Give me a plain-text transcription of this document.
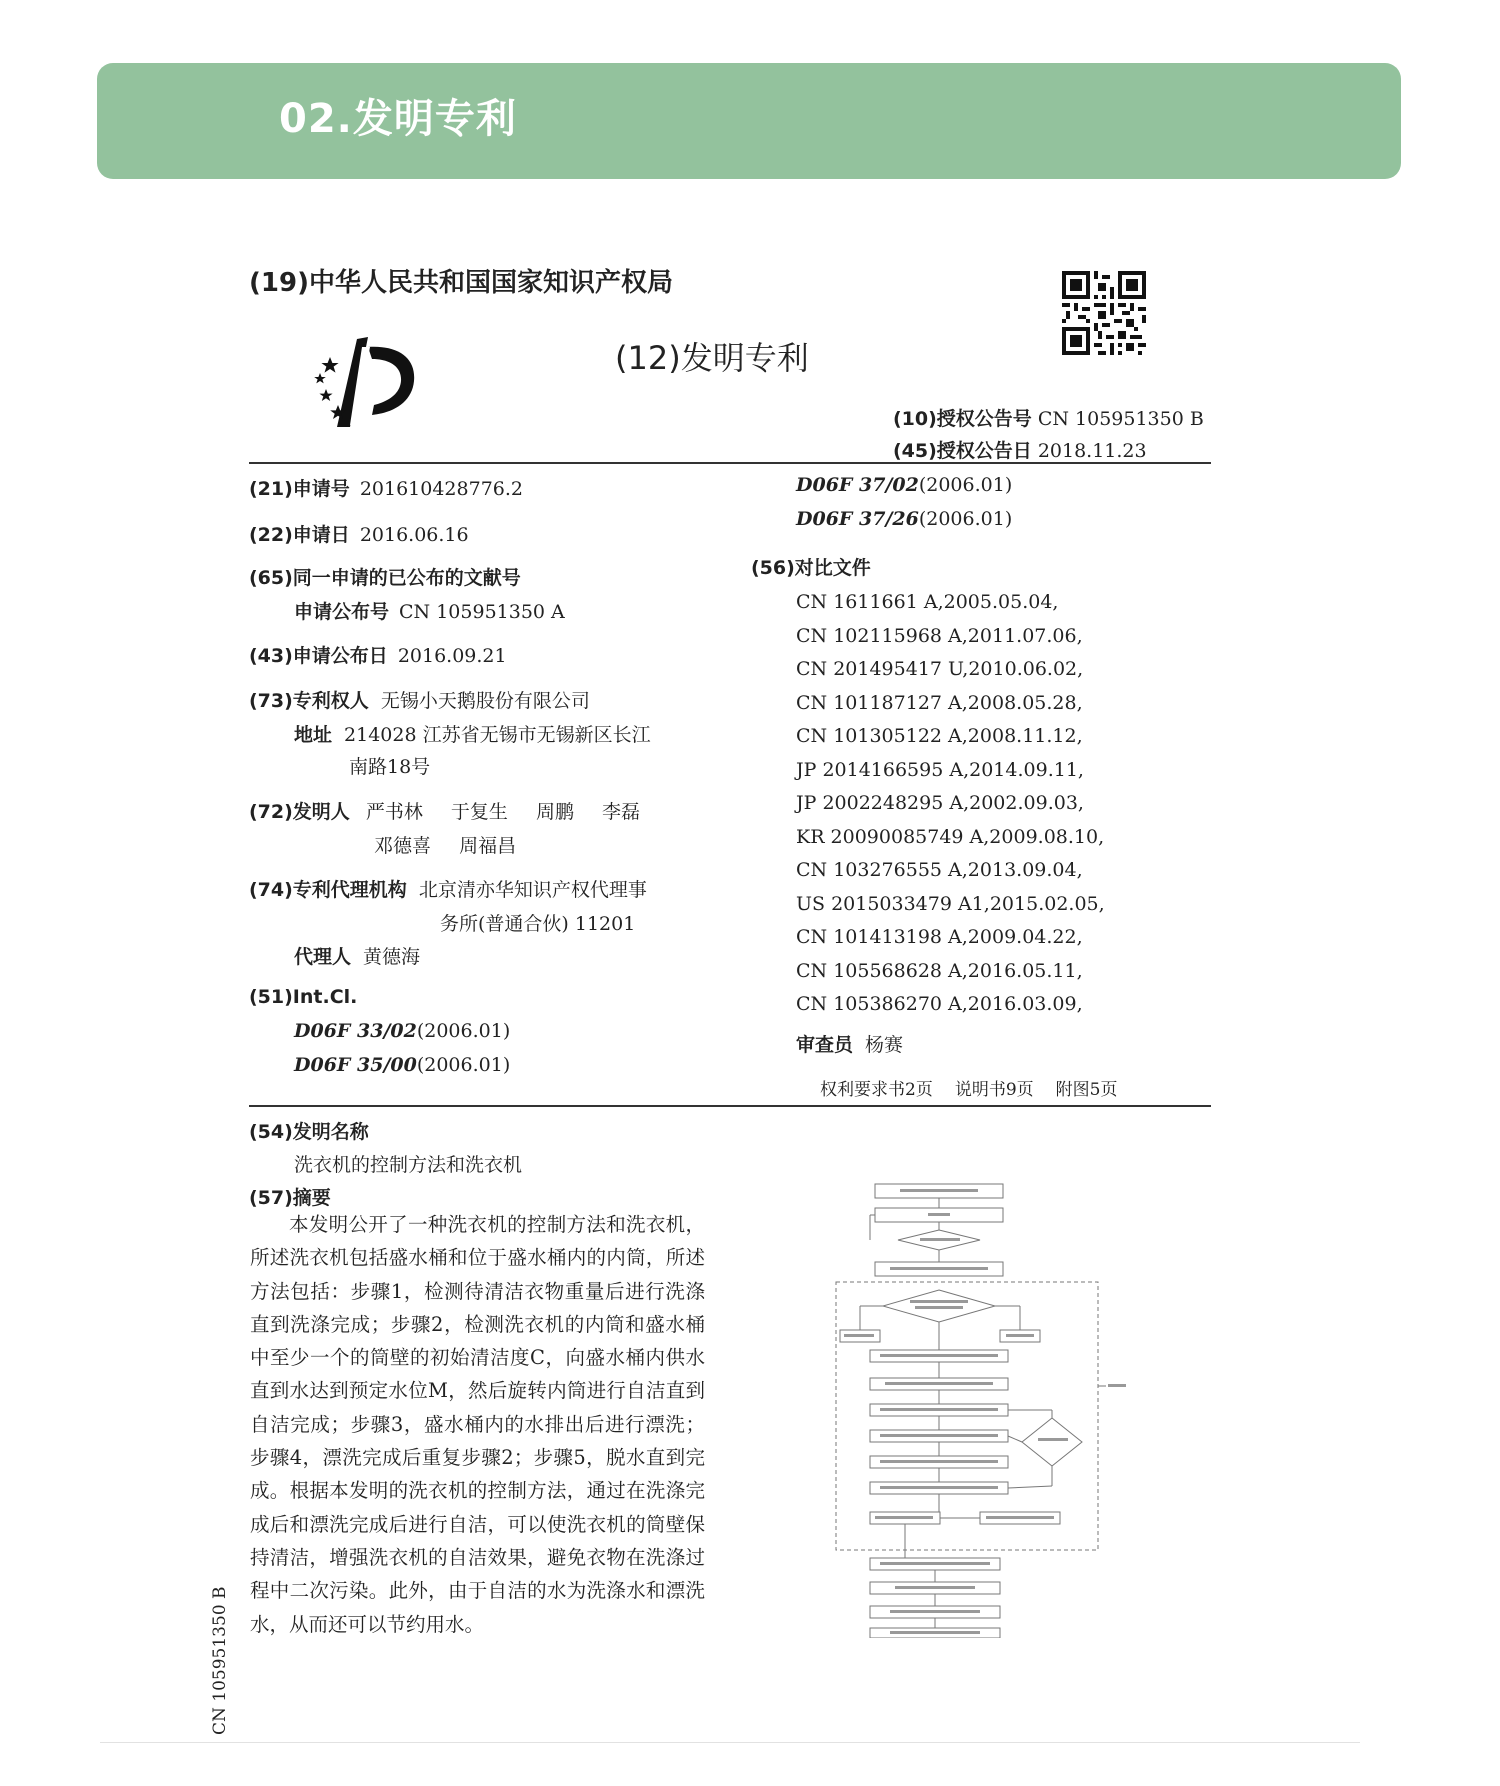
02.发明专利
(19)中华人民共和国国家知识产权局
(12)发明专利
(10)授权公告号 CN 105951350 B
(45)授权公告日 2018.11.23
(21)申请号 201610428776.2
(22)申请日 2016.06.16
(65)同一申请的已公布的文献号
申请公布号 CN 105951350 A
(43)申请公布日 2016.09.21
(73)专利权人 无锡小天鹅股份有限公司
地址 214028 江苏省无锡市无锡新区长江
南路18号
(72)发明人 严书林 于复生 周鹏 李磊
邓德喜 周福昌
(74)专利代理机构 北京清亦华知识产权代理事
务所(普通合伙) 11201
代理人 黄德海
(51)Int.Cl.
D06F 33/02(2006.01)
D06F 35/00(2006.01)
D06F 37/02(2006.01)
D06F 37/26(2006.01)
(56)对比文件
CN 1611661 A,2005.05.04,
CN 102115968 A,2011.07.06,
CN 201495417 U,2010.06.02,
CN 101187127 A,2008.05.28,
CN 101305122 A,2008.11.12,
JP 2014166595 A,2014.09.11,
JP 2002248295 A,2002.09.03,
KR 20090085749 A,2009.08.10,
CN 103276555 A,2013.09.04,
US 2015033479 A1,2015.02.05,
CN 101413198 A,2009.04.22,
CN 105568628 A,2016.05.11,
CN 105386270 A,2016.03.09,
审查员 杨赛
权利要求书2页 说明书9页 附图5页
(54)发明名称
洗衣机的控制方法和洗衣机
(57)摘要

本发明公开了一种洗衣机的控制方法和洗衣机，所述洗衣机包括盛水桶和位于盛水桶内的内筒，所述方法包括：步骤1，检测待清洁衣物重量后进行洗涤直到洗涤完成；步骤2，检测洗衣机的内筒和盛水桶中至少一个的筒壁的初始清洁度C，向盛水桶内供水直到水达到预定水位M，然后旋转内筒进行自洁直到自洁完成；步骤3，盛水桶内的水排出后进行漂洗；步骤4，漂洗完成后重复步骤2；步骤5，脱水直到完成。根据本发明的洗衣机的控制方法，通过在洗涤完成后和漂洗完成后进行自洁，可以使洗衣机的筒壁保持清洁，增强洗衣机的自洁效果，避免衣物在洗涤过程中二次污染。此外，由于自洁的水为洗涤水和漂洗水，从而还可以节约用水。

CN 105951350 B
